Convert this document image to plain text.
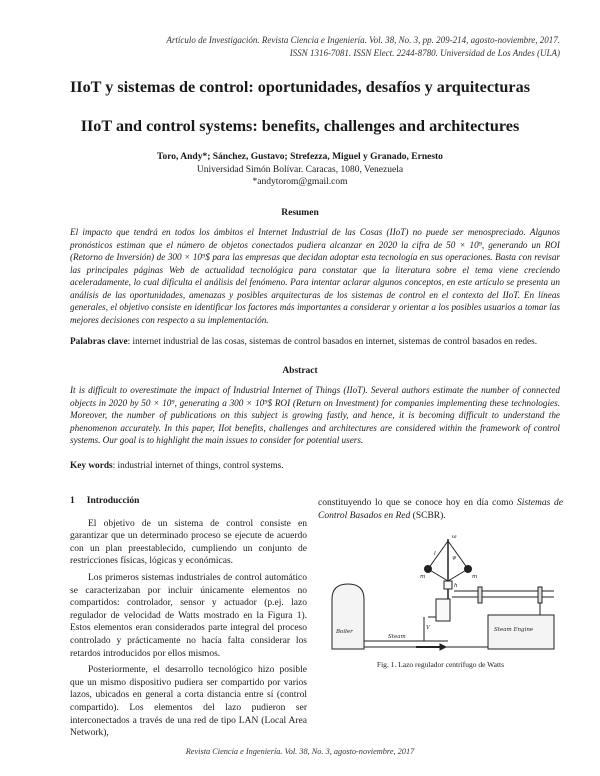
Artículo de Investigación. Revista Ciencia e Ingeniería. Vol. 38, No. 3, pp. 209-214, agosto-noviembre, 2017.
ISSN 1316-7081. ISSN Elect. 2244-8780. Universidad de Los Andes (ULA)
IIoT y sistemas de control: oportunidades, desafíos y arquitecturas
IIoT and control systems: benefits, challenges and architectures
Toro, Andy*; Sánchez, Gustavo; Strefezza, Miguel y Granado, Ernesto
Universidad Simón Bolívar. Caracas, 1080, Venezuela
*andytorom@gmail.com
Resumen
El impacto que tendrá en todos los ámbitos el Internet Industrial de las Cosas (IIoT) no puede ser menospreciado. Algunos pronósticos estiman que el número de objetos conectados pudiera alcanzar en 2020 la cifra de 50 × 10⁹, generando un ROI (Retorno de Inversión) de 300 × 10⁹$ para las empresas que decidan adoptar esta tecnología en sus operaciones. Basta con revisar las principales páginas Web de actualidad tecnológica para constatar que la literatura sobre el tema viene creciendo aceleradamente, lo cual dificulta el análisis del fenómeno. Para intentar aclarar algunos conceptos, en este artículo se presenta un análisis de las oportunidades, amenazas y posibles arquitecturas de los sistemas de control en el contexto del IIoT. En líneas generales, el objetivo consiste en identificar los factores más importantes a considerar y orientar a los posibles usuarios a tomar las mejores decisiones con respecto a su implementación.
Palabras clave: internet industrial de las cosas, sistemas de control basados en internet, sistemas de control basados en redes.
Abstract
It is difficult to overestimate the impact of Industrial Internet of Things (IIoT). Several authors estimate the number of connected objects in 2020 by 50 × 10⁹, generating a 300 × 10⁹$ ROI (Return on Investment) for companies implementing these technologies. Moreover, the number of publications on this subject is growing fastly, and hence, it is becoming difficult to understand the phenomenon accurately. In this paper, IIot benefits, challenges and architectures are considered within the framework of control systems. Our goal is to highlight the main issues to consider for potential users.
Key words: industrial internet of things, control systems.
1 Introducción

El objetivo de un sistema de control consiste en garantizar que un determinado proceso se ejecute de acuerdo con un plan preestablecido, cumpliendo un conjunto de restricciones físicas, lógicas y económicas.

Los primeros sistemas industriales de control automático se caracterizaban por incluir únicamente elementos no compartidos: controlador, sensor y actuador (p.ej. lazo regulador de velocidad de Watts mostrado en la Figura 1). Estos elementos eran considerados parte integral del proceso controlado y prácticamente no hacía falta considerar los retardos introducidos por ellos mismos.

Posteriormente, el desarrollo tecnológico hizo posible que un mismo dispositivo pudiera ser compartido por varios lazos, ubicados en general a corta distancia entre sí (control compartido). Los elementos del lazo pudieron ser interconectados a través de una red de tipo LAN (Local Area Network),

constituyendo lo que se conoce hoy en día como Sistemas de Control Basados en Red (SCBR).
Boiler
Steam
Steam Engine
ω
m	m
l
h
ψ
V
Fig. 1. Lazo regulador centrífugo de Watts
Revista Ciencia e Ingeniería. Vol. 38, No. 3, agosto-noviembre, 2017
